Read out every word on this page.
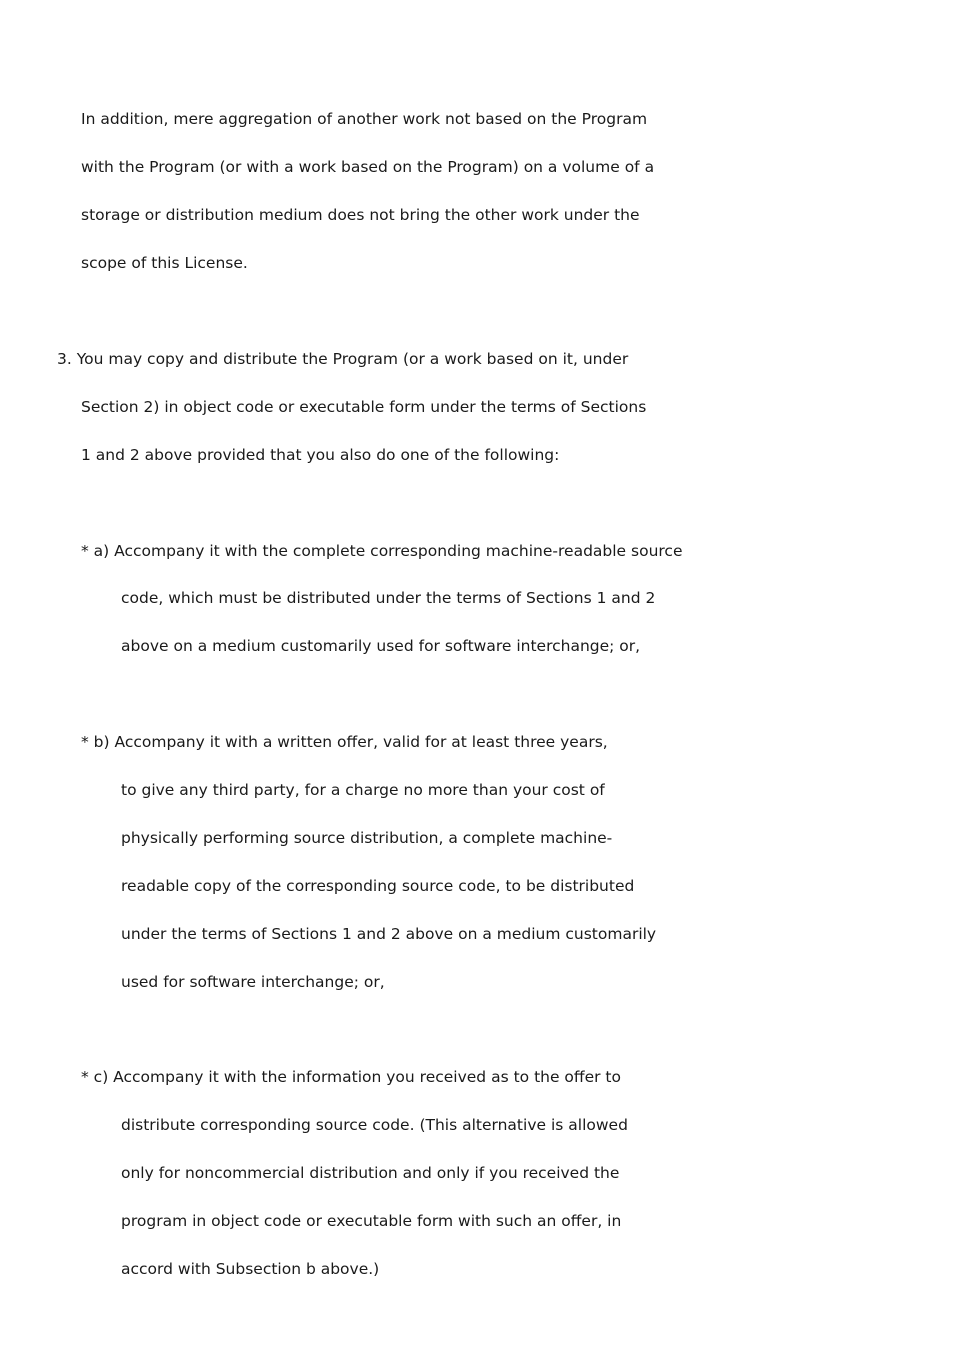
In addition, mere aggregation of another work not based on the Program
with the Program (or with a work based on the Program) on a volume of a
storage or distribution medium does not bring the other work under the
scope of this License.
3. You may copy and distribute the Program (or a work based on it, under
Section 2) in object code or executable form under the terms of Sections
1 and 2 above provided that you also do one of the following:
* a) Accompany it with the complete corresponding machine-readable source
code, which must be distributed under the terms of Sections 1 and 2
above on a medium customarily used for software interchange; or,
* b) Accompany it with a written offer, valid for at least three years,
to give any third party, for a charge no more than your cost of
physically performing source distribution, a complete machine-
readable copy of the corresponding source code, to be distributed
under the terms of Sections 1 and 2 above on a medium customarily
used for software interchange; or,
* c) Accompany it with the information you received as to the offer to
distribute corresponding source code. (This alternative is allowed
only for noncommercial distribution and only if you received the
program in object code or executable form with such an offer, in
accord with Subsection b above.)
